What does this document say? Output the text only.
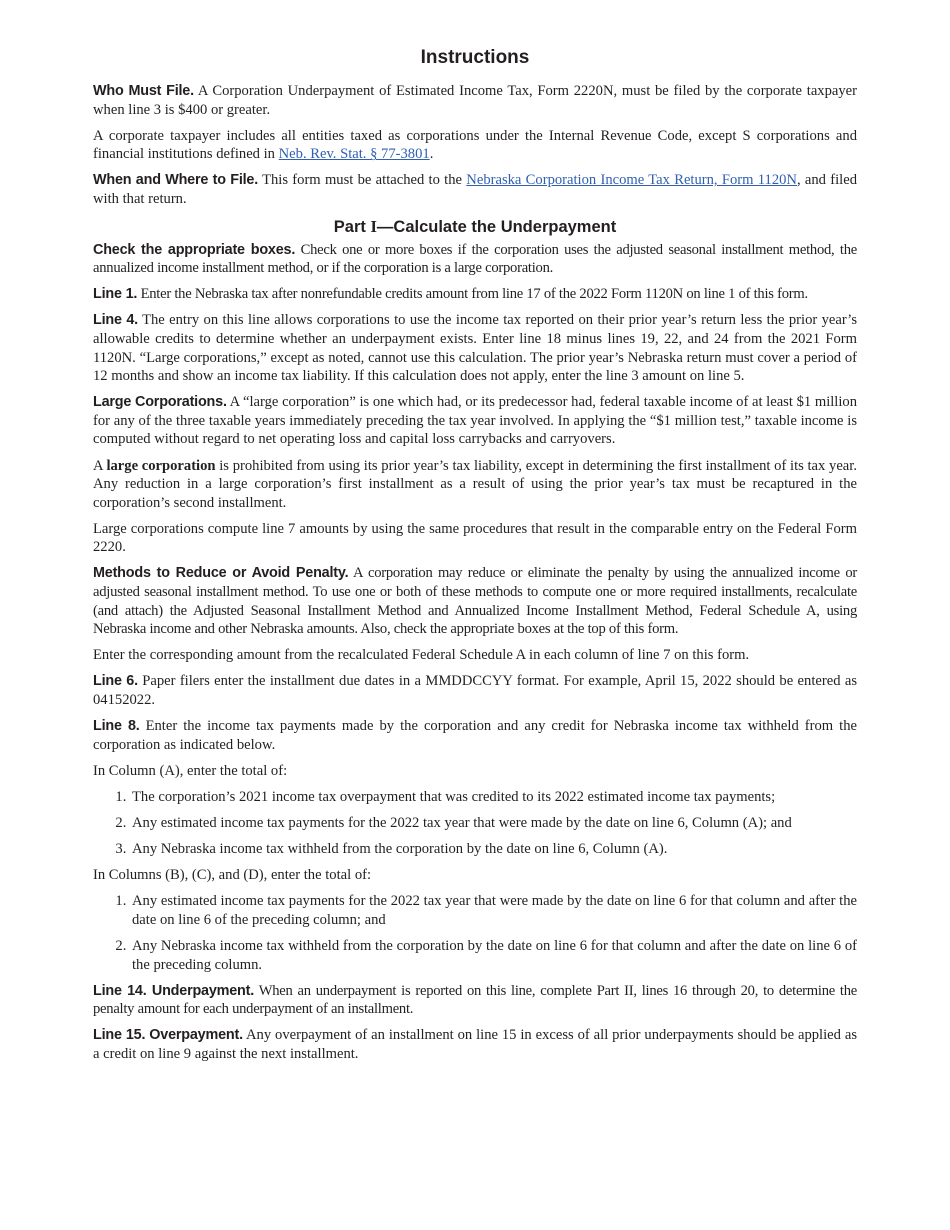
Instructions

Who Must File. A Corporation Underpayment of Estimated Income Tax, Form 2220N, must be filed by the corporate taxpayer when line 3 is $400 or greater.

A corporate taxpayer includes all entities taxed as corporations under the Internal Revenue Code, except S corporations and financial institutions defined in Neb. Rev. Stat. § 77-3801.

When and Where to File. This form must be attached to the Nebraska Corporation Income Tax Return, Form 1120N, and filed with that return.

Part I—Calculate the Underpayment

Check the appropriate boxes. Check one or more boxes if the corporation uses the adjusted seasonal installment method, the annualized income installment method, or if the corporation is a large corporation.

Line 1. Enter the Nebraska tax after nonrefundable credits amount from line 17 of the 2022 Form 1120N on line 1 of this form.

Line 4. The entry on this line allows corporations to use the income tax reported on their prior year’s return less the prior year’s allowable credits to determine whether an underpayment exists. Enter line 18 minus lines 19, 22, and 24 from the 2021 Form 1120N. “Large corporations,” except as noted, cannot use this calculation. The prior year’s Nebraska return must cover a period of 12 months and show an income tax liability. If this calculation does not apply, enter the line 3 amount on line 5.

Large Corporations. A “large corporation” is one which had, or its predecessor had, federal taxable income of at least $1 million for any of the three taxable years immediately preceding the tax year involved. In applying the “$1 million test,” taxable income is computed without regard to net operating loss and capital loss carrybacks and carryovers.

A large corporation is prohibited from using its prior year’s tax liability, except in determining the first installment of its tax year. Any reduction in a large corporation’s first installment as a result of using the prior year’s tax must be recaptured in the corporation’s second installment.

Large corporations compute line 7 amounts by using the same procedures that result in the comparable entry on the Federal Form 2220.

Methods to Reduce or Avoid Penalty. A corporation may reduce or eliminate the penalty by using the annualized income or adjusted seasonal installment method. To use one or both of these methods to compute one or more required installments, recalculate (and attach) the Adjusted Seasonal Installment Method and Annualized Income Installment Method, Federal Schedule A, using Nebraska income and other Nebraska amounts. Also, check the appropriate boxes at the top of this form.

Enter the corresponding amount from the recalculated Federal Schedule A in each column of line 7 on this form.

Line 6. Paper filers enter the installment due dates in a MMDDCCYY format. For example, April 15, 2022 should be entered as 04152022.

Line 8. Enter the income tax payments made by the corporation and any credit for Nebraska income tax withheld from the corporation as indicated below.

In Column (A), enter the total of:

1. The corporation’s 2021 income tax overpayment that was credited to its 2022 estimated income tax payments;
2. Any estimated income tax payments for the 2022 tax year that were made by the date on line 6, Column (A); and
3. Any Nebraska income tax withheld from the corporation by the date on line 6, Column (A).

In Columns (B), (C), and (D), enter the total of:

1. Any estimated income tax payments for the 2022 tax year that were made by the date on line 6 for that column and after the date on line 6 of the preceding column; and
2. Any Nebraska income tax withheld from the corporation by the date on line 6 for that column and after the date on line 6 of the preceding column.

Line 14. Underpayment. When an underpayment is reported on this line, complete Part II, lines 16 through 20, to determine the penalty amount for each underpayment of an installment.

Line 15. Overpayment. Any overpayment of an installment on line 15 in excess of all prior underpayments should be applied as a credit on line 9 against the next installment.
